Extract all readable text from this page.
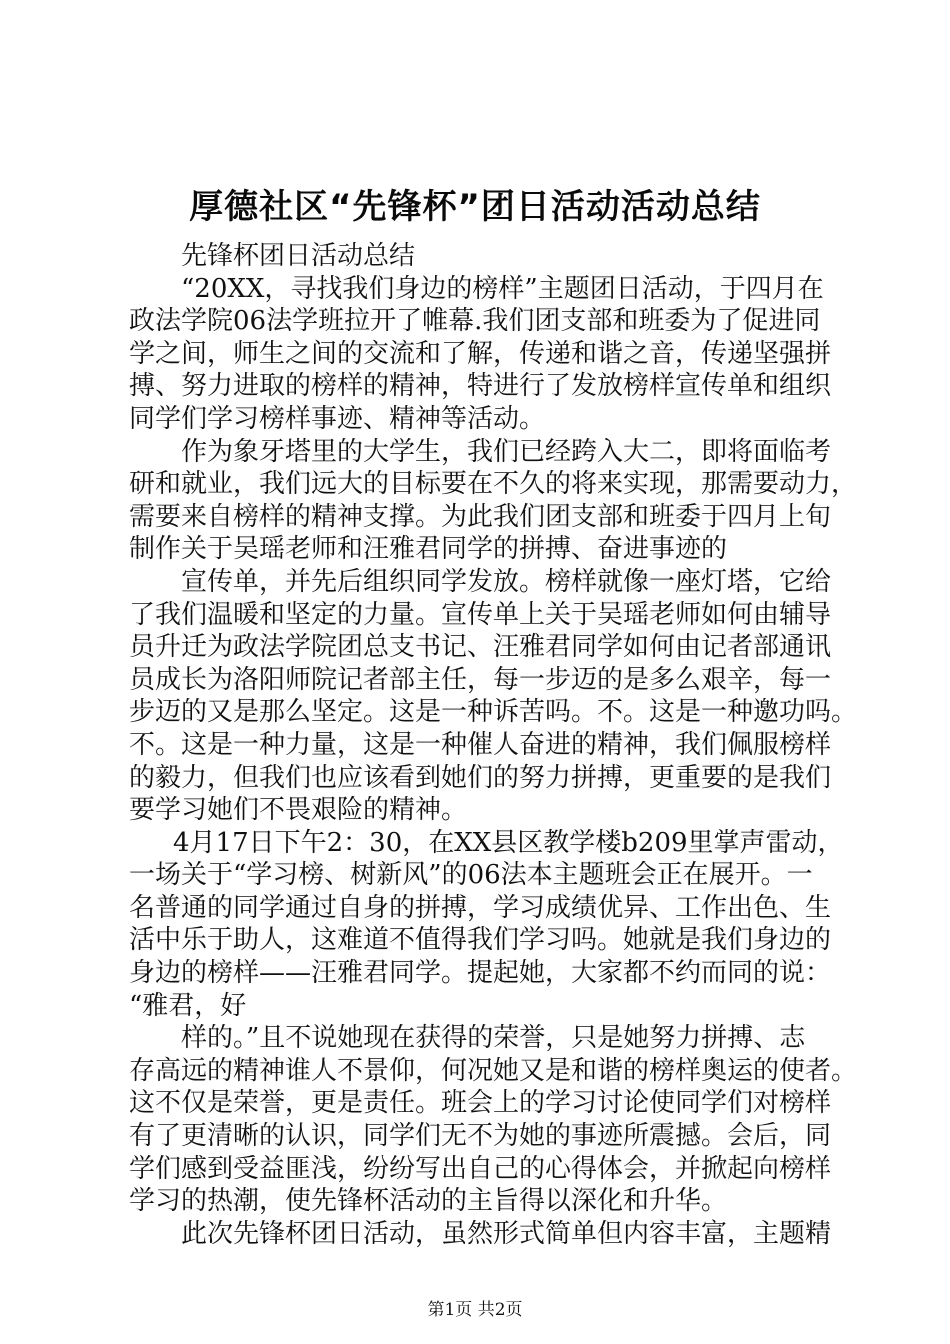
厚德社区“先锋杯”团日活动活动总结
先锋杯团日活动总结
“20XX，寻找我们身边的榜样”主题团日活动，于四月在
政法学院06法学班拉开了帷幕.我们团支部和班委为了促进同
学之间，师生之间的交流和了解，传递和谐之音，传递坚强拼
搏、努力进取的榜样的精神，特进行了发放榜样宣传单和组织
同学们学习榜样事迹、精神等活动。
作为象牙塔里的大学生，我们已经跨入大二，即将面临考
研和就业，我们远大的目标要在不久的将来实现，那需要动力，
需要来自榜样的精神支撑。为此我们团支部和班委于四月上旬
制作关于吴瑶老师和汪雅君同学的拼搏、奋进事迹的
宣传单，并先后组织同学发放。榜样就像一座灯塔，它给
了我们温暖和坚定的力量。宣传单上关于吴瑶老师如何由辅导
员升迁为政法学院团总支书记、汪雅君同学如何由记者部通讯
员成长为洛阳师院记者部主任，每一步迈的是多么艰辛，每一
步迈的又是那么坚定。这是一种诉苦吗。不。这是一种邀功吗。
不。这是一种力量，这是一种催人奋进的精神，我们佩服榜样
的毅力，但我们也应该看到她们的努力拼搏，更重要的是我们
要学习她们不畏艰险的精神。
4月17日下午2：30，在XX县区教学楼b209里掌声雷动，
一场关于“学习榜、树新风”的06法本主题班会正在展开。一
名普通的同学通过自身的拼搏，学习成绩优异、工作出色、生
活中乐于助人，这难道不值得我们学习吗。她就是我们身边的
身边的榜样——汪雅君同学。提起她，大家都不约而同的说：
“雅君，好
样的。”且不说她现在获得的荣誉，只是她努力拼搏、志
存高远的精神谁人不景仰，何况她又是和谐的榜样奥运的使者。
这不仅是荣誉，更是责任。班会上的学习讨论使同学们对榜样
有了更清晰的认识，同学们无不为她的事迹所震撼。会后，同
学们感到受益匪浅，纷纷写出自己的心得体会，并掀起向榜样
学习的热潮，使先锋杯活动的主旨得以深化和升华。
此次先锋杯团日活动，虽然形式简单但内容丰富，主题精
第1页 共2页
